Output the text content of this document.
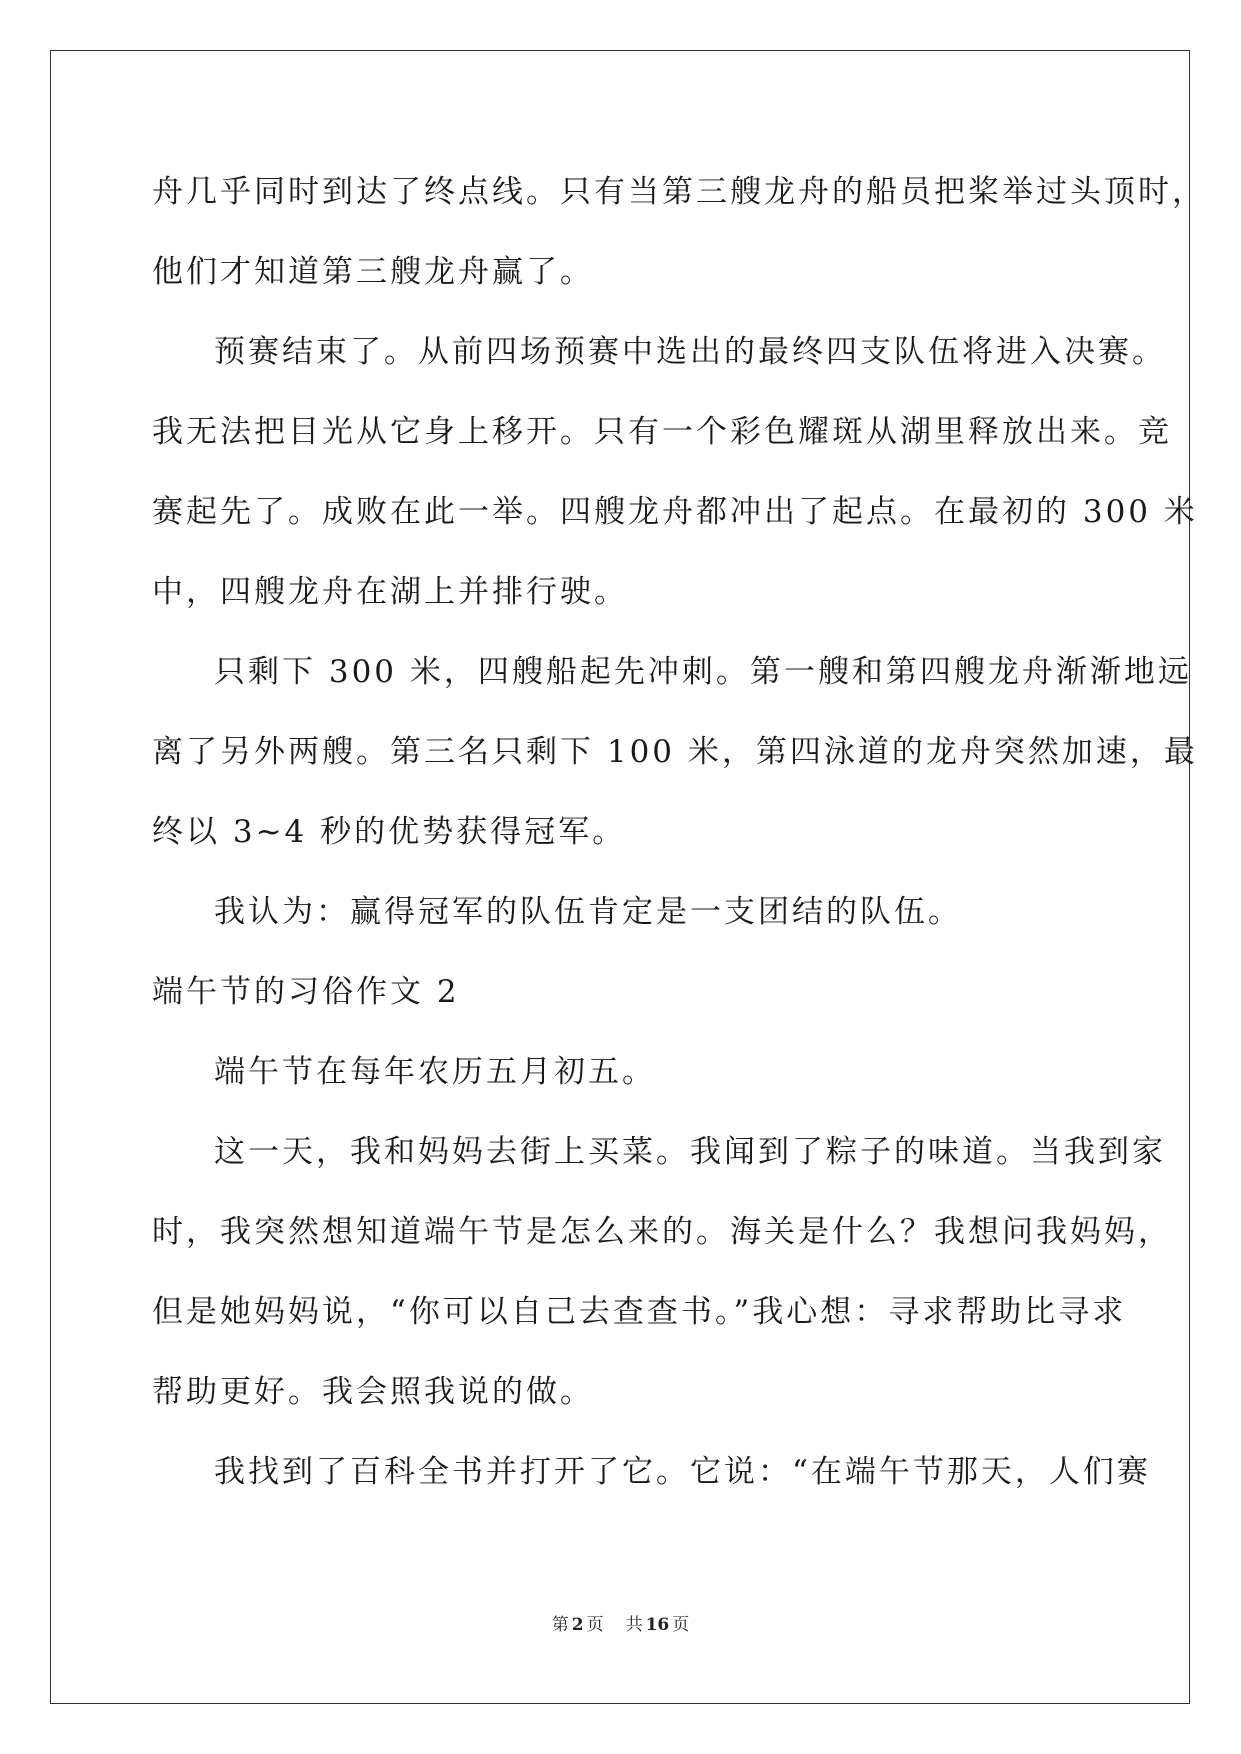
舟几乎同时到达了终点线。只有当第三艘龙舟的船员把桨举过头顶时，
他们才知道第三艘龙舟赢了。
预赛结束了。从前四场预赛中选出的最终四支队伍将进入决赛。
我无法把目光从它身上移开。只有一个彩色耀斑从湖里释放出来。竞
赛起先了。成败在此一举。四艘龙舟都冲出了起点。在最初的 300 米
中，四艘龙舟在湖上并排行驶。
只剩下 300 米，四艘船起先冲刺。第一艘和第四艘龙舟渐渐地远
离了另外两艘。第三名只剩下 100 米，第四泳道的龙舟突然加速，最
终以 3~4 秒的优势获得冠军。
我认为：赢得冠军的队伍肯定是一支团结的队伍。
端午节的习俗作文 2
端午节在每年农历五月初五。
这一天，我和妈妈去街上买菜。我闻到了粽子的味道。当我到家
时，我突然想知道端午节是怎么来的。海关是什么？我想问我妈妈，
但是她妈妈说，“你可以自己去查查书。”我心想：寻求帮助比寻求
帮助更好。我会照我说的做。
我找到了百科全书并打开了它。它说：“在端午节那天，人们赛
第 2 页 共 16 页
